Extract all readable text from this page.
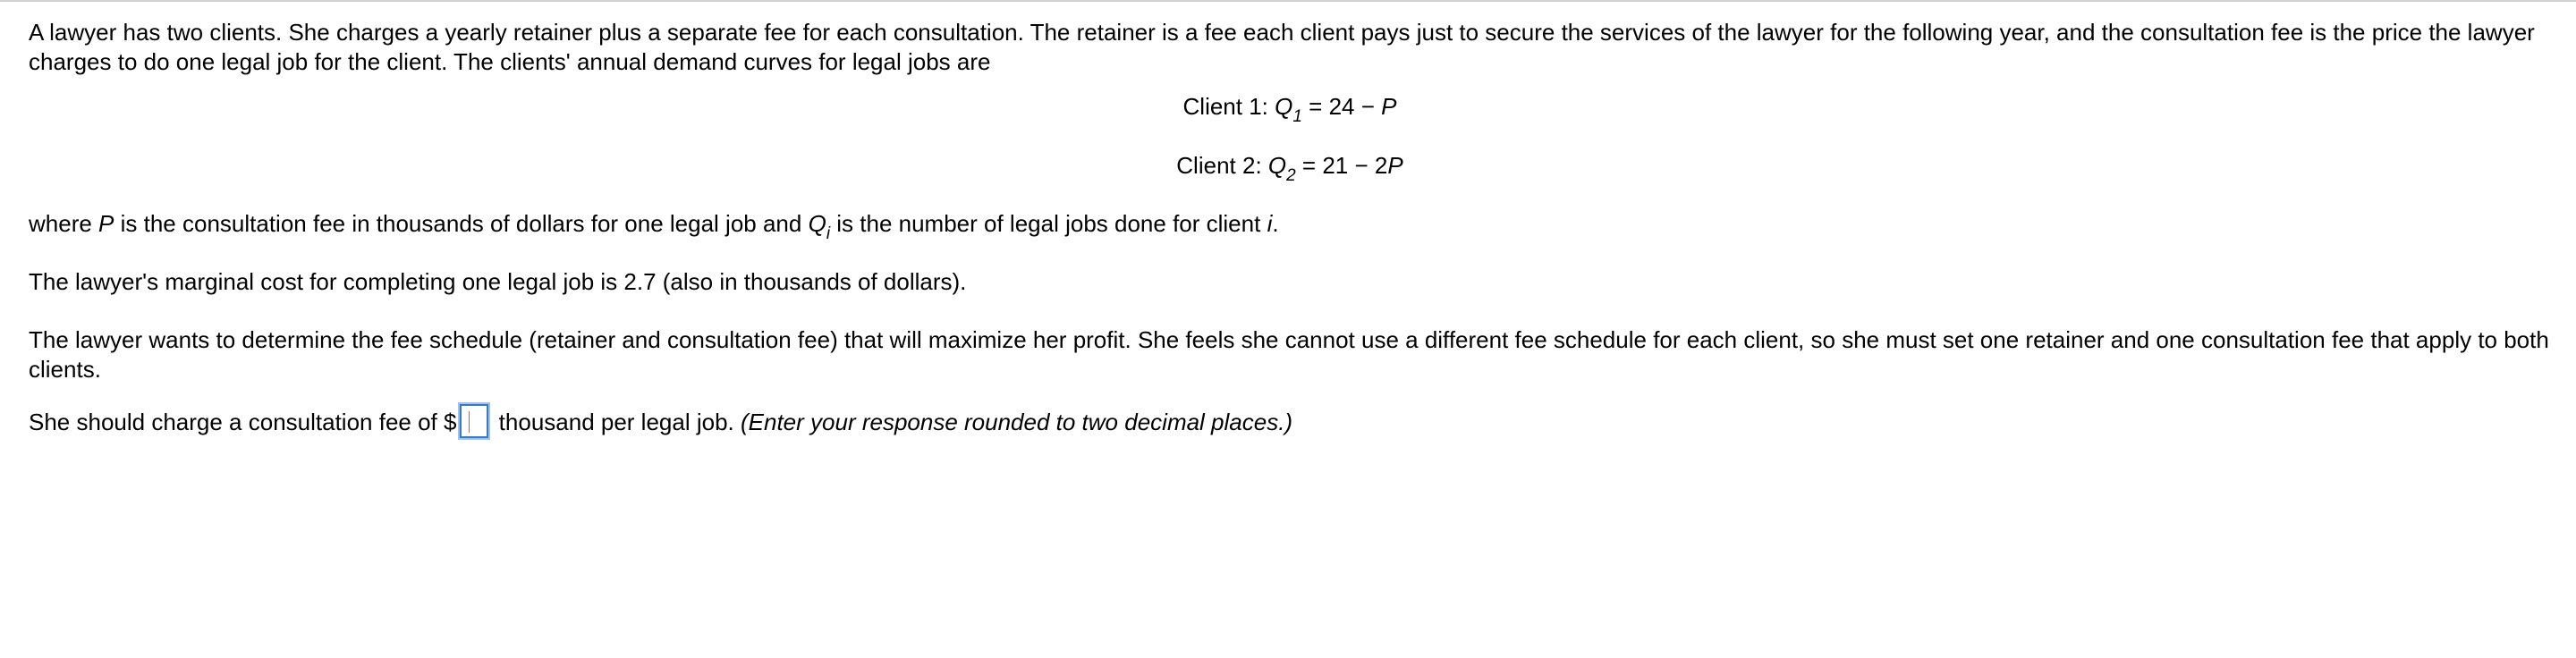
A lawyer has two clients. She charges a yearly retainer plus a separate fee for each consultation. The retainer is a fee each client pays just to secure the services of the lawyer for the following year, and the consultation fee is the price the lawyer charges to do one legal job for the client. The clients' annual demand curves for legal jobs are

Client 1: $Q_1 = 24 - P$

Client 2: $Q_2 = 21 - 2P$

where P is the consultation fee in thousands of dollars for one legal job and $Q_i$ is the number of legal jobs done for client i.

The lawyer's marginal cost for completing one legal job is 2.7 (also in thousands of dollars).

The lawyer wants to determine the fee schedule (retainer and consultation fee) that will maximize her profit. She feels she cannot use a different fee schedule for each client, so she must set one retainer and one consultation fee that apply to both clients.

She should charge a consultation fee of $
thousand per legal job. (Enter your response rounded to two decimal places.)
